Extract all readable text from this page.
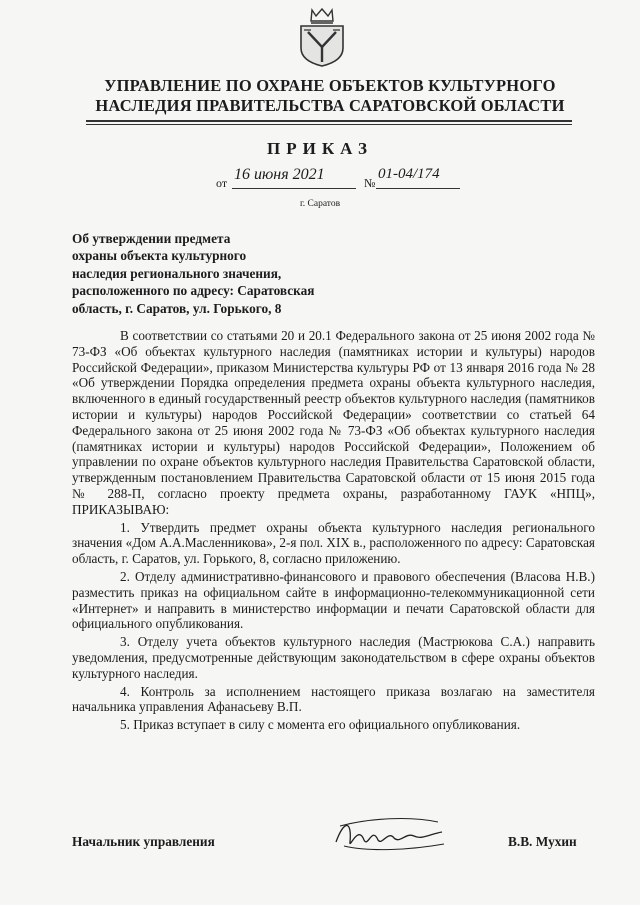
УПРАВЛЕНИЕ ПО ОХРАНЕ ОБЪЕКТОВ КУЛЬТУРНОГО
НАСЛЕДИЯ ПРАВИТЕЛЬСТВА САРАТОВСКОЙ ОБЛАСТИ
ПРИКАЗ
от 16 июня 2021	№
01-04/174
г. Саратов
Об утверждении предмета
охраны объекта культурного
наследия регионального значения,
расположенного по адресу: Саратовская
область, г. Саратов, ул. Горького, 8

В соответствии со статьями 20 и 20.1 Федерального закона от 25 июня 2002 года № 73-ФЗ «Об объектах культурного наследия (памятниках истории и культуры) народов Российской Федерации», приказом Министерства культуры РФ от 13 января 2016 года № 28 «Об утверждении Порядка определения предмета охраны объекта культурного наследия, включенного в единый государственный реестр объектов культурного наследия (памятников истории и культуры) народов Российской Федерации» соответствии со статьей 64 Федерального закона от 25 июня 2002 года № 73-ФЗ «Об объектах культурного наследия (памятниках истории и культуры) народов Российской Федерации», Положением об управлении по охране объектов культурного наследия Правительства Саратовской области, утвержденным постановлением Правительства Саратовской области от 15 июня 2015 года № 288-П, согласно проекту предмета охраны, разработанному ГАУК «НПЦ», ПРИКАЗЫВАЮ:

1. Утвердить предмет охраны объекта культурного наследия регионального значения «Дом А.А.Масленникова», 2-я пол. XIX в., расположенного по адресу: Саратовская область, г. Саратов, ул. Горького, 8, согласно приложению.

2. Отделу административно-финансового и правового обеспечения (Власова Н.В.) разместить приказ на официальном сайте в информационно-телекоммуникационной сети «Интернет» и направить в министерство информации и печати Саратовской области для официального опубликования.

3. Отделу учета объектов культурного наследия (Мастрюкова С.А.) направить уведомления, предусмотренные действующим законодательством в сфере охраны объектов культурного наследия.

4. Контроль за исполнением настоящего приказа возлагаю на заместителя начальника управления Афанасьеву В.П.

5. Приказ вступает в силу с момента его официального опубликования.

Начальник управления	В.В. Мухин
